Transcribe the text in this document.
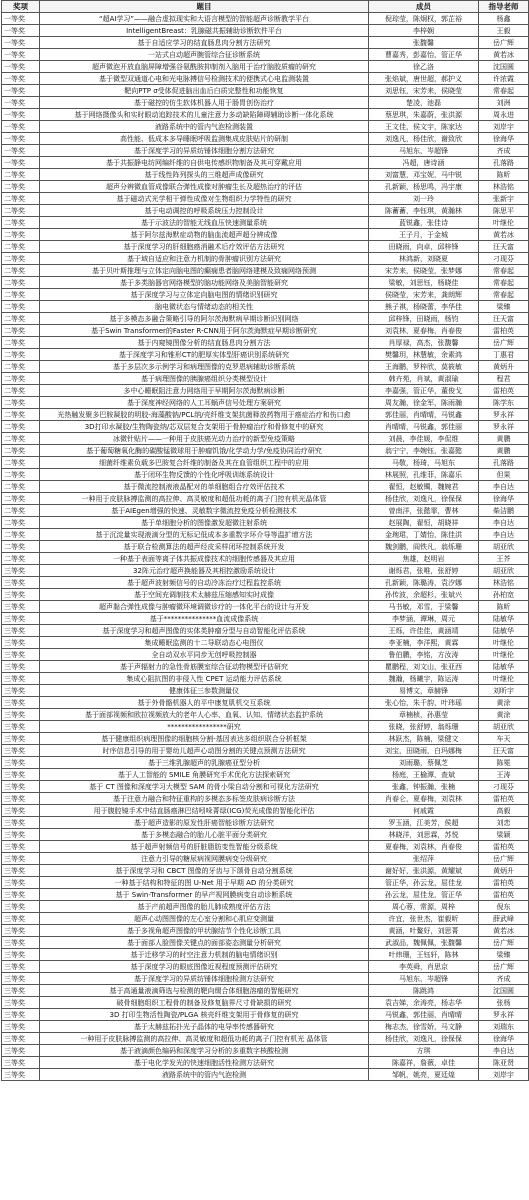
奖项	题目	成员	指导老师
一等奖	“超AI学习”——融合虚拟现实和大语言模型的智能超声诊断教学平台	倪琮莹，陈炯权，郭芷裕	杨鑫
一等奖	IntelligentBreast：乳腺磁共振辅助诊断软件平台	李梓娴	王毅
一等奖	基于自适应学习的结直肠息肉分割方法研究	张馥馨	岳广辉
一等奖	一站式自动超声腕管综合征诊断系统	曹嘉秀，彭嘉怡，管正华	黄若冰
一等奖	超声微泡开放血脑屏障增强谷氨酰胺抑制剂入脑用于治疗脑胶质瘤的研究	徐乙洛	沈国圆
一等奖	基于微型双通道心电和光电脉搏信号检测技术的便携式心电监测装置	张焰斌，唐世超，郝护义	许浓霞
一等奖	靶向PTP σ受体促进脑出血后白质完整性和功能恢复	刘思钰，宋芳来，侯晓莹	常春起
一等奖	基于磁控的仿生软体机器人用于肠胃创伤治疗	楚凌，池磊	刘洲
一等奖	基于网络摄像头和实时眼动追踪技术的儿童注意力多动缺陷障碍辅助诊断一体化系统	蔡思琪，朱嘉蔚，张洪源	周永进
一等奖	液路系统中的管内气泡检测装置	王文佳，侯文宇，陈家达	刘岸宇
一等奖	高性能、低成本多导睡眠呼吸监测集成皮肤贴片的研制	刘逸凡，杨佳欣，谢致欣	徐海华
一等奖	基于深度学习的异质纺锤体细胞分割方法研究	马旭东，岑超锋	齐成
一等奖	基于共振静电纺网编纤维的自供电传感织物制备及其可穿戴应用	冯超，唐诗涵	孔落路
二等奖	基于线性阵列探头的三维超声成像研究	刘富慧，邓宝妮，马中锐	陈昕
二等奖	超声分辨微血管成像联合弹性成像对肿瘤生长及超热治疗的评估	孔新颖，杨思鸣，冯宇康	林浩铭
二等奖	基于磁动式光学相干弹性成像对生物组织力学特性的研究	刘一玲	张新宇
二等奖	基于电动调控的呼吸系统压力控制设计	陈蓄蓄，李钰琪，黄瀚林	陈思平
二等奖	基于示波法的智能无线血压快速测量系统	蓝锐鑫，张佳诗	叶继伦
二等奖	基于阿尔兹海默症动物的脑血流超声超分辨成像	王子月，于金城	黄若冰
二等奖	基于深度学习的肝细胞癌消融术后疗效评估方法研究	田晓雨，向卓，邱梓锋	汪天富
二等奖	基于域自适应和注意力机制的骨肿瘤识别方法研究	林鸿新，刘晓夏	刁现芬
二等奖	基于贝叶斯推理与立体定向脑电图的癫痫患者脑网络建模及致痫网络预测	宋芳来，侯晓莹，张梦娜	常春起
二等奖	基于多类脑器官网络模型的脑功能网络及美脑智能研究	梁敏，刘思钰，杨晓佳	常春起
二等奖	基于深度学习与立体定向脑电图的情绪识别研究	侯晓莹，宋芳来，龚朗辉	常春起
二等奖	脑电微状态与情绪动态的相关性	熊子祺，杨晓蕾，李华佳	梁臻
二等奖	基于多模态多融合策略引导的阿尔茨海默病早期诊断识别网络	邱梓锋，田晓雨，杨钧	汪天富
二等奖	基于Swin Transformer的Faster R-CNN用于阿尔茨海默症早期诊断研究	刘袁林，夏春梅，肖春俊	雷柏英
二等奖	基于内窥镜图像分析的结直肠息肉分割方法	肖厚禄，高杰，张馥馨	岳广辉
二等奖	基于深度学习和锥形CT的肥厚实体型肝癌识别系统研究	樊馨玥，林慧敏，余素鸿	丁惠君
二等奖	基于多层次多示例学习和病理图像的克罗恩病辅助诊断系统	王海鹏，罗梓欣，莫筱敏	黄炳升
二等奖	基于病理图像的胰腺癌组织分类模型设计	韩卉苑，肖斌，黄淑瑜	程君
二等奖	多中心睡眠阻注意力网络用于早期阿尔茨海默病诊断	李嘉强，管正华，董俊戈	雷柏英
二等奖	基于深度神经网络的人工耳蜗声信号处理方案研究	周友瀚，徐金军，陈雨瀚	陈学东
二等奖	光热触发聚多巴胺凝胶的明胶-海藻酸钠/PCL纳/壳纤维支架抗菌释放药物用于癌症治疗和伤口愈	郭佳丽，肖晴晴，马锐鑫	罗永祥
二等奖	3D打印水凝胶/生物陶瓷纳/芯双层复合支架用于骨肿瘤治疗和骨修复中的研究	肖晴晴，马锐鑫，郭佳丽	罗永祥
二等奖	冰微针贴片——一种用于皮肤癌光动力治疗的新型免疫策略	刘晨，李佳媛，李侃维	黄鹏
二等奖	基于葡萄糖氧化酶的碳酸锰微球用于肿瘤饥饿/化学动力学/免疫协同治疗研究	翁宁宁，李婉钰，张嘉懿	黄鹏
二等奖	细菌纤维素负载多巴胺复合纤维的制备及其在血管组织工程中的应用	马敬，杨琦，马旭东	孔落路
二等奖	基于闭环生物反馈的个性化呼吸训练系统设计	林展照，孔维菲，陈嘉乐	但果
二等奖	基于微流控制液液晶配对的单细胞组合疗效评估技术	翟恒，赵敏镯，魏婉君	李自达
二等奖	一种用于皮肤脉搏监测的高拉伸、高灵敏度和超低功耗的离子门控有机光晶体管	杨佳欣，刘逸凡，徐保保	徐海华
二等奖	基于AIEgen增强的快速、灵敏数字微流控免疫分析检测技术	曾南洋，张懿霏，曹林	柴洁鹏
二等奖	基于单细胞分析的图像激发超微注射系统	赵展陶，翟恒，胡晓祥	李自达
二等奖	基于沉淀量实现液滴分型的无标记低成本多重数字环介导等温扩增方法	金琬珺，丁婧怡，陈佳洪	李自达
二等奖	基于联合检测算法的超声经皮采样闭环控制系统开发	魏剑鹏，阎铁凡，翁烁珊	胡亚欣
二等奖	一种基于表面等离子体共振成像技术的细胞传感器及其应用	焦雄，赵明岩	王芥
三等奖	32阵元治疗超声换能器及其相控激励系统设计	谢烁君，张唯，张舒婷	胡亚欣
三等奖	基于超声波射频信号的自动冷冻治疗过程监控系统	孔新颖，陈璐涛，袁汐娜	林浩铭
三等奖	基于空间充调制技术太赫兹压缩感知实时成像	孙传波，余超杉，张斌兴	孙柏宽
三等奖	超声黏合弹性成像与肿瘤微环境调微诊疗的一体化平台的设计与开发	马书敏，邓雪，于梁馨	陈昕
三等奖	基于***************血流成像系统	李梦涵，谭琳，周元	陆敏华
三等奖	基于深度学习和超声图像的实体类肿瘤分型与自动智能化评估系统	王烁，许佳佳，黄涵靖	陆敏华
三等奖	集成睡眠监测的十二导联动态心电图仪	李亚楠，李洋熙，黄霖	叶继伦
三等奖	全自动双水平同步无创呼吸控制器	鲁伯鹏，李铭，方汝涛	叶继伦
三等奖	基于声辐射力的急性骨筋膜室综合征动物模型评估研究	瞿鹏程，刘文山，张亚西	陆敏华
三等奖	集成心阻抗图的非侵入性 CPET 运动能力评估系统	魏瀚，杨曦宇，陈运涛	叶继伦
三等奖	健康体征三参数测量仪	易博文，章赫锋	刘昕宇
三等奖	基于外骨骼机器人的平中康复肌机交互系统	张心怡，朱千韵，叶玮瑶	黄涂
三等奖	基于面部视频和欧拉视频放大的老年人心率、血氧、认知、情绪状态监护系统	章楠桢，孙惠莹	黄涂
三等奖	*****************研究	张晓，张舒婷，翁烁珊	胡亚欣
三等奖	基于健康组织病理图像的细胞核分割-基因表达多组织联合分析框架	林跃杰，陈楠，梁健文	车天
三等奖	时序信息引导的用于婴幼儿超声心动图分割的关键点预测方法研究	刘宝，田晓雨，白玛娜梅	汪天富
三等奖	基于三维乳腺超声的乳腺癌亚型分析	刘雨璐，蔡佩芝	陈冕
三等奖	基于人工智能的 SMILE 角膜研究手术优化方法探索研究	杨庭，王榆潭，查斌	王涛
三等奖	基于 CT 图像和深度学习大模型 SAM 的骨小梁自动分割和可视化方法研究	张鑫，钟振瀚，张楠	刁现芬
三等奖	基于注意力融合和特征重构的多模态多标签皮肤病诊断方法	肖春仑，夏春梅，刘袁林	雷柏英
三等奖	用于腹腔镜手术中结直肠癌淋巴结吲哚菁绿(ICG)荧光成像的智能化评估	何戚霞	高毅
三等奖	基于超声造影的原发性肝癌智能诊断方法研究	罗玉涵，江美芳，侯超	刘恋
三等奖	基于多模态融合的胎儿心脏平面分类研究	林晓洋，刘思霖，苏悦	梁颖
三等奖	基于超声射频信号的肝脏脂肪变性智能分级系统	夏春梅，刘袁林，肖春俊	雷柏英
三等奖	注意力引导的糖尿病视网膜病变分级研究	张绍萍	岳广辉
三等奖	基于深度学习和 CBCT 图像的牙齿与下颌骨自动分割系统	谢好好，张洪源，黄耀斌	黄炳升
三等奖	一种基于结构和特征的图 U-Net 用于早期 AD 的分类研究	管正华，孙云龙，屈佳龙	雷柏英
三等奖	基于 Swin-Transformer 的早产视网膜病变自动诊断系统	孙云龙，屈佳龙，管正华	雷柏英
三等奖	基于产前超声图像的胎儿肺成熟度评估方法	周心蓉，常源，周梓	倪东
三等奖	超声心动图图像的左心室分割和心肌应变测量	许宜，张世杰，崔毅昕	薛武峰
三等奖	基于多视角超声图像的甲状腺结节个性化诊断工具	黄涵，叶鳌好，刘思菁	黄若冰
三等奖	基于面部人脸图像关键点的面部姿态测量分析研究	武淑品，魏佩佩，张馥馨	岳广辉
三等奖	基于迁移学习的时空注意力机制的脑电情绪识别	叶炜珊，王钰轩，陈林	梁臻
三等奖	基于深度学习的眼底图像近视程度预测评估研究	李英舜，肖思京	岳广辉
三等奖	基于深度学习的异质纺锤体细胞检测方法研究	马旭东，岑超锋	齐成
三等奖	基于高通量液滴筛选与检测的靶向缀合体细胞溶瘤的智能研究	陈跳鸿	沈国圆
三等奖	破骨细胞组织工程骨的制备及修复脑界尺寸骨缺损的研究	袁吉娣，余涛亮，杨志华	张杨
三等奖	3D 打印生物活性陶瓷/PLGA 核壳纤维支架用于骨修复的研究	马锐鑫，郭佳丽，肖晴晴	罗永祥
三等奖	基于太赫兹拓扑光子晶体的电导率传感器研究	梅志杰，徐雪娇，马文静	刘瑞东
三等奖	一种用于皮肤脉搏监测的高拉伸、高灵敏度和超低功耗的离子门控有机光 晶体管	杨佳欣，刘逸凡，徐保保	徐海华
三等奖	基于液滴颜色编码和深度学习分析的多重数字核酸检测	方琪	李自达
三等奖	基于电化学发光的快速细胞活性检测方法研究	陈嘉祥，詹薇，卓佳	陈亚贤
三等奖	液路系统中的管内气泡检测	邹帆，姚亮，夏廷煌	刘岸宇
